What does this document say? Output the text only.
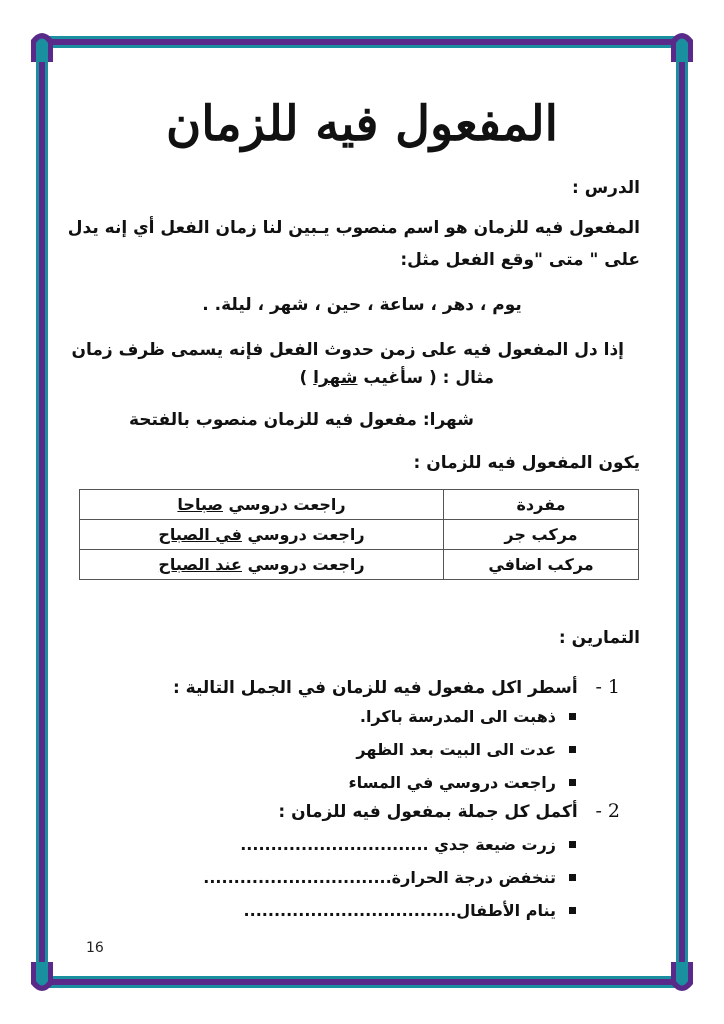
المفعول فيه للزمان
الدرس :
المفعول فيه للزمان هو اسم منصوب يـبين لنا زمان الفعل أي إنه يدل
على " متى "وقع الفعل مثل:
يوم ، دهر ، ساعة ، حين ، شهر ، ليلة. .
إذا دل المفعول فيه على زمن حدوث الفعل فإنه يسمى ظرف زمان
مثال : ( سأغيب شهرا )
شهرا: مفعول فيه للزمان منصوب بالفتحة
يكون المفعول فيه للزمان :
مفردة	راجعت دروسي صباحا
مركب جر	راجعت دروسي في الصباح
مركب اضافي	راجعت دروسي عند الصباح
التمارين :
1 -   أسطر اكل مفعول فيه للزمان في الجمل التالية :
ذهبت الى المدرسة باكرا.
عدت الى البيت بعد الظهر
راجعت دروسي في المساء
2 -   أكمل كل جملة بمفعول فيه للزمان :
زرت ضيعة جدي ...............................
تنخفض درجة الحرارة...............................
ينام الأطفال...................................
16
